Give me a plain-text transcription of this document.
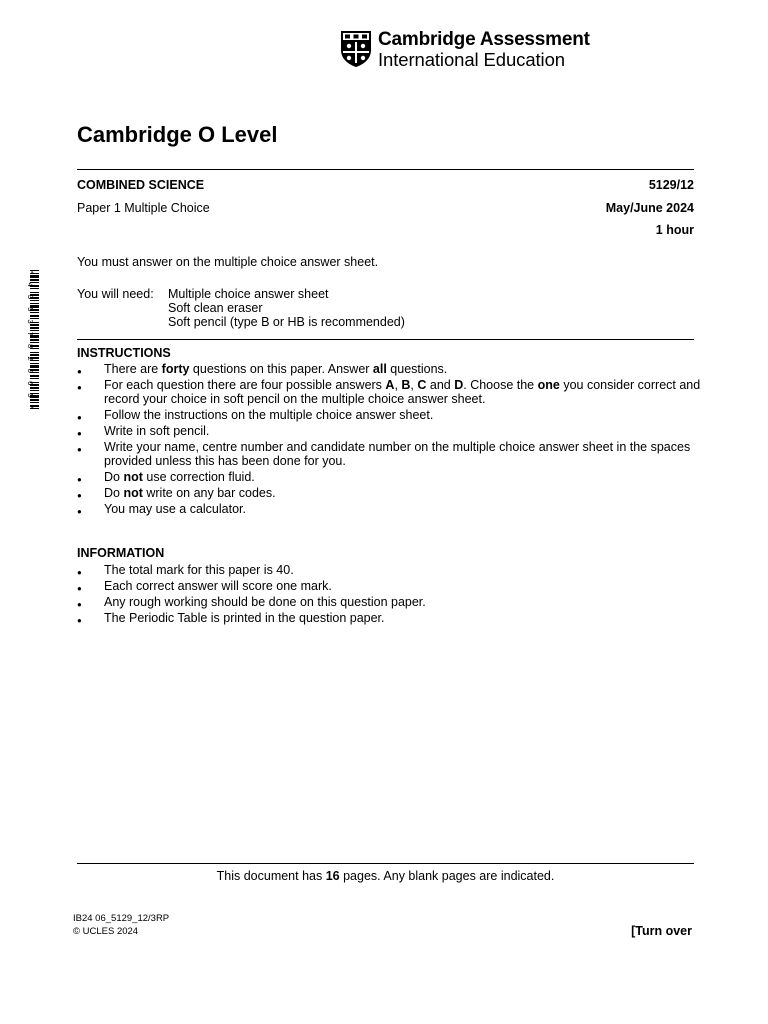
Cambridge Assessment
International Education
Cambridge O Level
COMBINED SCIENCE	5129/12
Paper 1 Multiple Choice	May/June 2024
1 hour
You must answer on the multiple choice answer sheet.
You will need: Multiple choice answer sheet
Soft clean eraser
Soft pencil (type B or HB is recommended)
* 4 3 5 3 7 8 2 0 6 5 *
INSTRUCTIONS
● There are forty questions on this paper. Answer all questions.
● For each question there are four possible answers A, B, C and D. Choose the one you consider correct and record your choice in soft pencil on the multiple choice answer sheet.
● Follow the instructions on the multiple choice answer sheet.
● Write in soft pencil.
● Write your name, centre number and candidate number on the multiple choice answer sheet in the spaces provided unless this has been done for you.
● Do not use correction fluid.
● Do not write on any bar codes.
● You may use a calculator.
INFORMATION
● The total mark for this paper is 40.
● Each correct answer will score one mark.
● Any rough working should be done on this question paper.
● The Periodic Table is printed in the question paper.
This document has 16 pages. Any blank pages are indicated.
IB24 06_5129_12/3RP
© UCLES 2024	[Turn over
